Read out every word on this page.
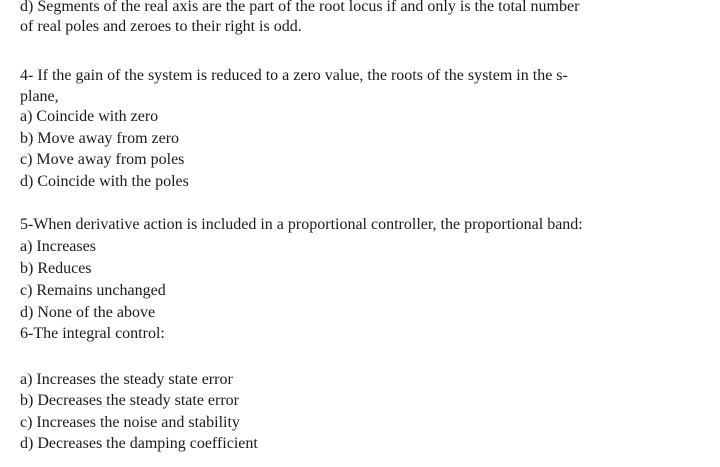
d) Segments of the real axis are the part of the root locus if and only is the total number
of real poles and zeroes to their right is odd.
4- If the gain of the system is reduced to a zero value, the roots of the system in the s-
plane,
a) Coincide with zero
b) Move away from zero
c) Move away from poles
d) Coincide with the poles
5-When derivative action is included in a proportional controller, the proportional band:
a) Increases
b) Reduces
c) Remains unchanged
d) None of the above
6-The integral control:
a) Increases the steady state error
b) Decreases the steady state error
c) Increases the noise and stability
d) Decreases the damping coefficient
